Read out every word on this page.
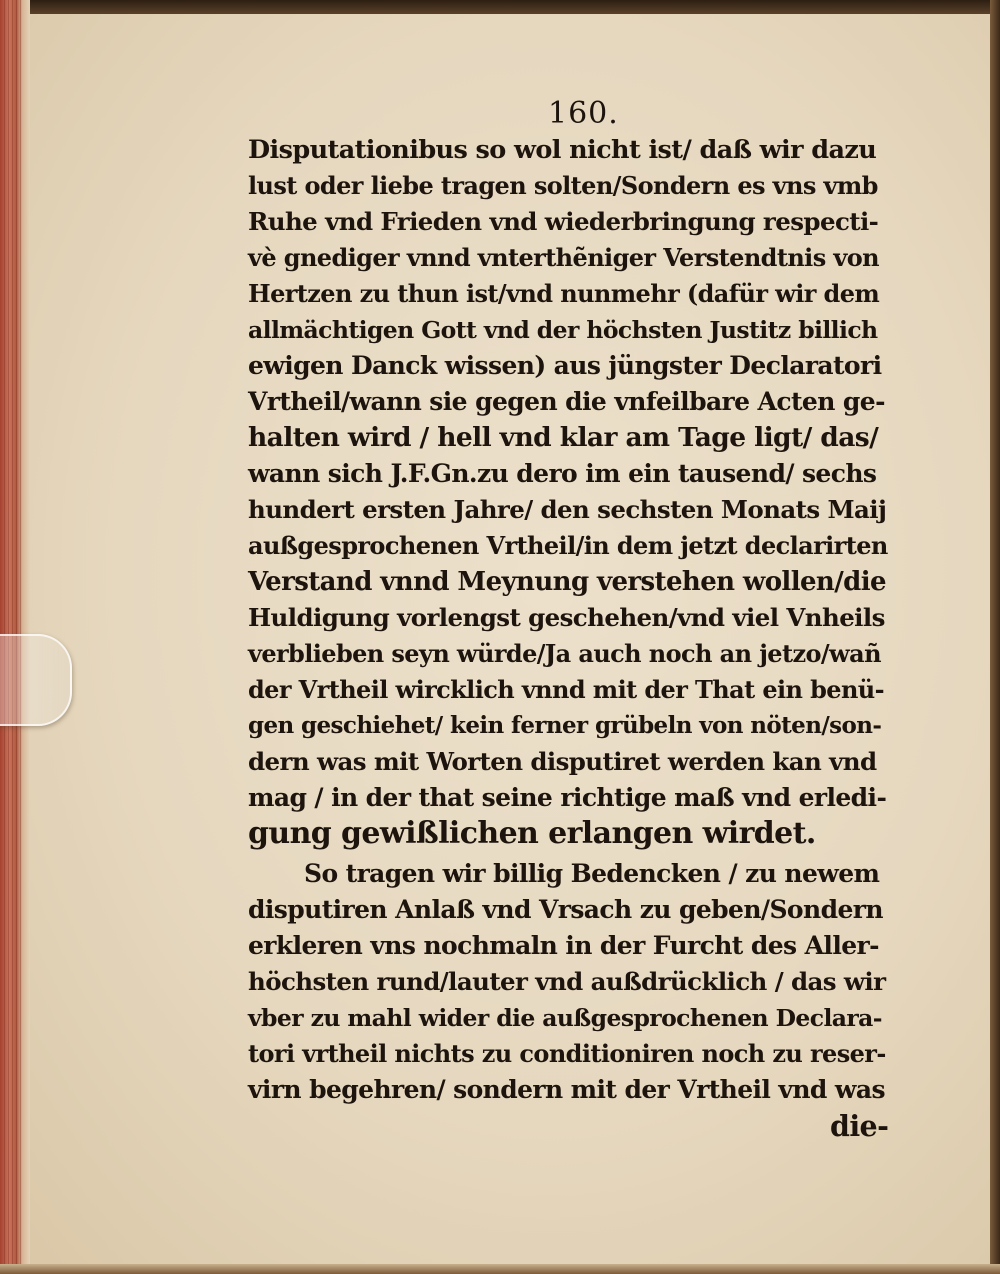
160.
Disputationibus so wol nicht ist/ daß wir dazu
lust oder liebe tragen solten/Sondern es vns vmb
Ruhe vnd Frieden vnd wiederbringung respecti-
vè gnediger vnnd vnterthẽniger Verstendtnis von
Hertzen zu thun ist/vnd nunmehr (dafür wir dem
allmächtigen Gott vnd der höchsten Justitz billich
ewigen Danck wissen) aus jüngster Declaratori
Vrtheil/wann sie gegen die vnfeilbare Acten ge-
halten wird / hell vnd klar am Tage ligt/ das/
wann sich J.F.Gn.zu dero im ein tausend/ sechs
hundert ersten Jahre/ den sechsten Monats Maij
außgesprochenen Vrtheil/in dem jetzt declarirten
Verstand vnnd Meynung verstehen wollen/die
Huldigung vorlengst geschehen/vnd viel Vnheils
verblieben seyn würde/Ja auch noch an jetzo/wañ
der Vrtheil wircklich vnnd mit der That ein benü-
gen geschiehet/ kein ferner grübeln von nöten/son-
dern was mit Worten disputiret werden kan vnd
mag / in der that seine richtige maß vnd erledi-
gung gewißlichen erlangen wirdet.
So tragen wir billig Bedencken / zu newem
disputiren Anlaß vnd Vrsach zu geben/Sondern
erkleren vns nochmaln in der Furcht des Aller-
höchsten rund/lauter vnd außdrücklich / das wir
vber zu mahl wider die außgesprochenen Declara-
tori vrtheil nichts zu conditioniren noch zu reser-
virn begehren/ sondern mit der Vrtheil vnd was
die-
